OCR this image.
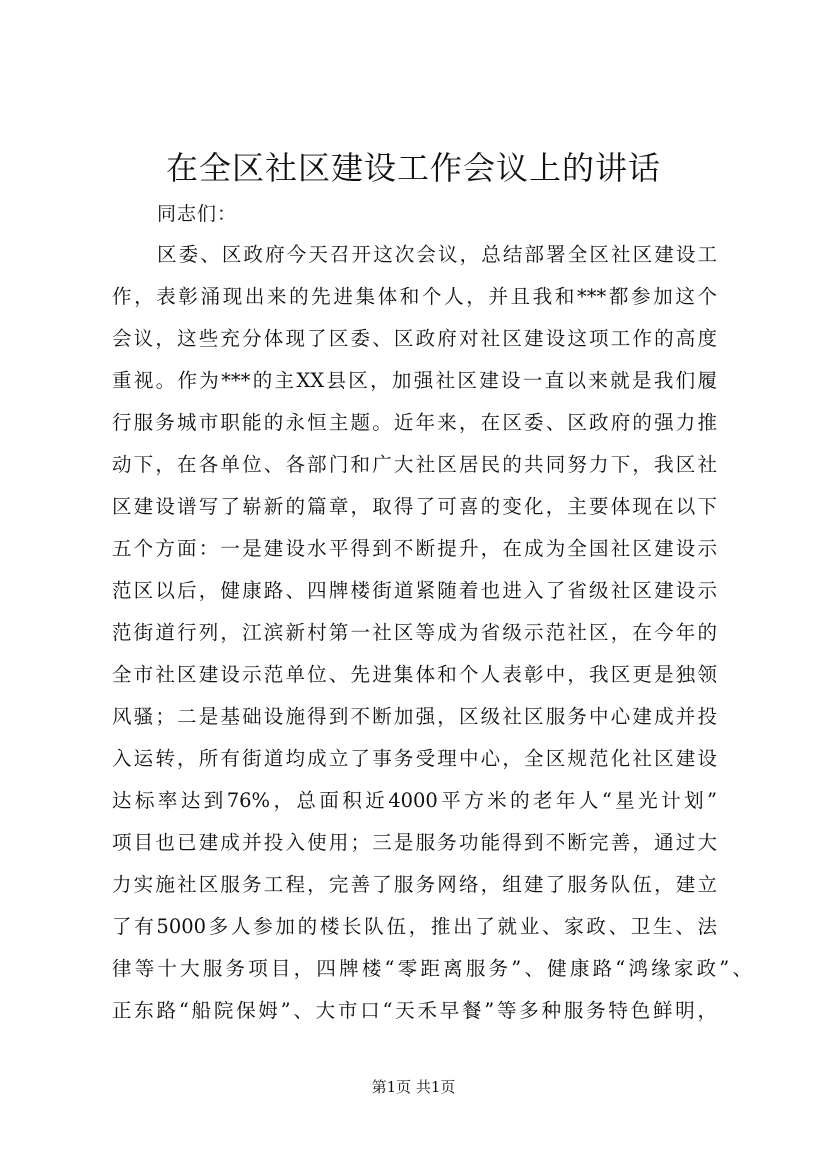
在全区社区建设工作会议上的讲话
同志们：
区委、区政府今天召开这次会议，总结部署全区社区建设工
作，表彰涌现出来的先进集体和个人，并且我和***都参加这个
会议，这些充分体现了区委、区政府对社区建设这项工作的高度
重视。作为***的主XX县区，加强社区建设一直以来就是我们履
行服务城市职能的永恒主题。近年来，在区委、区政府的强力推
动下，在各单位、各部门和广大社区居民的共同努力下，我区社
区建设谱写了崭新的篇章，取得了可喜的变化，主要体现在以下
五个方面：一是建设水平得到不断提升，在成为全国社区建设示
范区以后，健康路、四牌楼街道紧随着也进入了省级社区建设示
范街道行列，江滨新村第一社区等成为省级示范社区，在今年的
全市社区建设示范单位、先进集体和个人表彰中，我区更是独领
风骚；二是基础设施得到不断加强，区级社区服务中心建成并投
入运转，所有街道均成立了事务受理中心，全区规范化社区建设
达标率达到76%，总面积近4000平方米的老年人“星光计划”
项目也已建成并投入使用；三是服务功能得到不断完善，通过大
力实施社区服务工程，完善了服务网络，组建了服务队伍，建立
了有5000多人参加的楼长队伍，推出了就业、家政、卫生、法
律等十大服务项目，四牌楼“零距离服务”、健康路“鸿缘家政”、
正东路“船院保姆”、大市口“天禾早餐”等多种服务特色鲜明，
第1页 共1页
